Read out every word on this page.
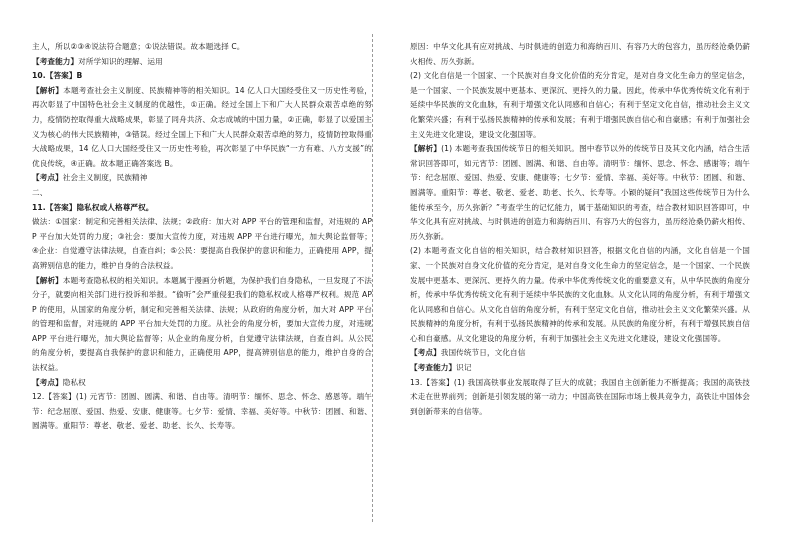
主人，所以②③④说法符合题意；①说法错误。故本题选择 C。

【考查能力】对所学知识的理解、运用

10.【答案】B

【解析】本题考查社会主义制度、民族精神等的相关知识。14 亿人口大国经受住又一历史性考验，再次彰显了中国特色社会主义制度的优越性，①正确。经过全国上下和广大人民群众艰苦卓绝的努力，疫情防控取得重大战略成果，彰显了同舟共济、众志成城的中国力量，②正确，彰显了以爱国主义为核心的伟大民族精神，③错误。经过全国上下和广大人民群众艰苦卓绝的努力，疫情防控取得重大战略成果，14 亿人口大国经受住又一历史性考验，再次彰显了中华民族“一方有难、八方支援”的优良传统，④正确。故本题正确答案选 B。

【考点】社会主义制度，民族精神

二、

11.【答案】隐私权或人格尊严权。

做法：①国家：制定和完善相关法律、法规；②政府：加大对 APP 平台的管理和监督，对违规的 APP 平台加大处罚的力度；③社会：要加大宣传力度，对违规 APP 平台进行曝光，加大舆论监督等；④企业：自觉遵守法律法规，自查自纠；⑤公民：要提高自我保护的意识和能力，正确使用 APP，提高辨别信息的能力，维护自身的合法权益。

【解析】本题考查隐私权的相关知识。本题属于漫画分析题，为保护我们自身隐私，一旦发现了不法分子，就要向相关部门进行投诉和举报。“偷听”会严重侵犯我们的隐私权或人格尊严权利。规范 APP 的使用，从国家的角度分析，制定和完善相关法律、法规；从政府的角度分析，加大对 APP 平台的管理和监督，对违规的 APP 平台加大处罚的力度。从社会的角度分析，要加大宣传力度，对违规 APP 平台进行曝光，加大舆论监督等；从企业的角度分析，自觉遵守法律法规，自查自纠。从公民的角度分析，要提高自我保护的意识和能力，正确使用 APP，提高辨别信息的能力，维护自身的合法权益。

【考点】隐私权

12.【答案】(1) 元宵节：团圆、圆满、和谐、自由等。清明节：缅怀、思念、怀念、感恩等。端午节：纪念屈原、爱国、热爱、安康、健康等。七夕节：爱情、幸福、美好等。中秋节：团圆、和谐、圆满等。重阳节：尊老、敬老、爱老、助老、长久、长寿等。

原因：中华文化具有应对挑战、与时俱进的创造力和海纳百川、有容乃大的包容力，虽历经沧桑仍薪火相传、历久弥新。

(2) 文化自信是一个国家、一个民族对自身文化价值的充分肯定，是对自身文化生命力的坚定信念，是一个国家、一个民族发展中更基本、更深沉、更持久的力量。因此，传承中华优秀传统文化有利于延续中华民族的文化血脉，有利于增强文化认同感和自信心；有利于坚定文化自信，推动社会主义文化繁荣兴盛；有利于弘扬民族精神的传承和发展；有利于增强民族自信心和自豪感；有利于加强社会主义先进文化建设，建设文化强国等。

【解析】(1) 本题考查我国传统节日的相关知识。图中春节以外的传统节日及其文化内涵，结合生活常识回答即可，如元宵节：团圆、圆满、和谐、自由等。清明节：缅怀、思念、怀念、感谢等；端午节：纪念屈原、爱国、热爱、安康、健康等；七夕节：爱情、幸福、美好等。中秋节：团圆、和谐、圆满等。重阳节：尊老、敬老、爱老、助老、长久、长寿等。小颖的疑问“我国这些传统节日为什么能传承至今，历久弥新？”考查学生的记忆能力，属于基础知识的考查，结合教材知识回答即可，中华文化具有应对挑战、与时俱进的创造力和海纳百川、有容乃大的包容力，虽历经沧桑仍薪火相传、历久弥新。

(2) 本题考查文化自信的相关知识，结合教材知识回答，根据文化自信的内涵，文化自信是一个国家、一个民族对自身文化价值的充分肯定，是对自身文化生命力的坚定信念，是一个国家、一个民族发展中更基本、更深沉、更持久的力量。传承中华优秀传统文化的重要意义有，从中华民族的角度分析，传承中华优秀传统文化有利于延续中华民族的文化血脉。从文化认同的角度分析，有利于增强文化认同感和自信心。从文化自信的角度分析，有利于坚定文化自信，推动社会主义文化繁荣兴盛。从民族精神的角度分析，有利于弘扬民族精神的传承和发展。从民族的角度分析，有利于增强民族自信心和自豪感。从文化建设的角度分析，有利于加强社会主义先进文化建设，建设文化强国等。

【考点】我国传统节日，文化自信

【考查能力】识记

13.【答案】(1) 我国高铁事业发展取得了巨大的成就；我国自主创新能力不断提高；我国的高铁技术走在世界前列；创新是引领发展的第一动力；中国高铁在国际市场上极具竞争力，高铁让中国体会到创新带来的自信等。
